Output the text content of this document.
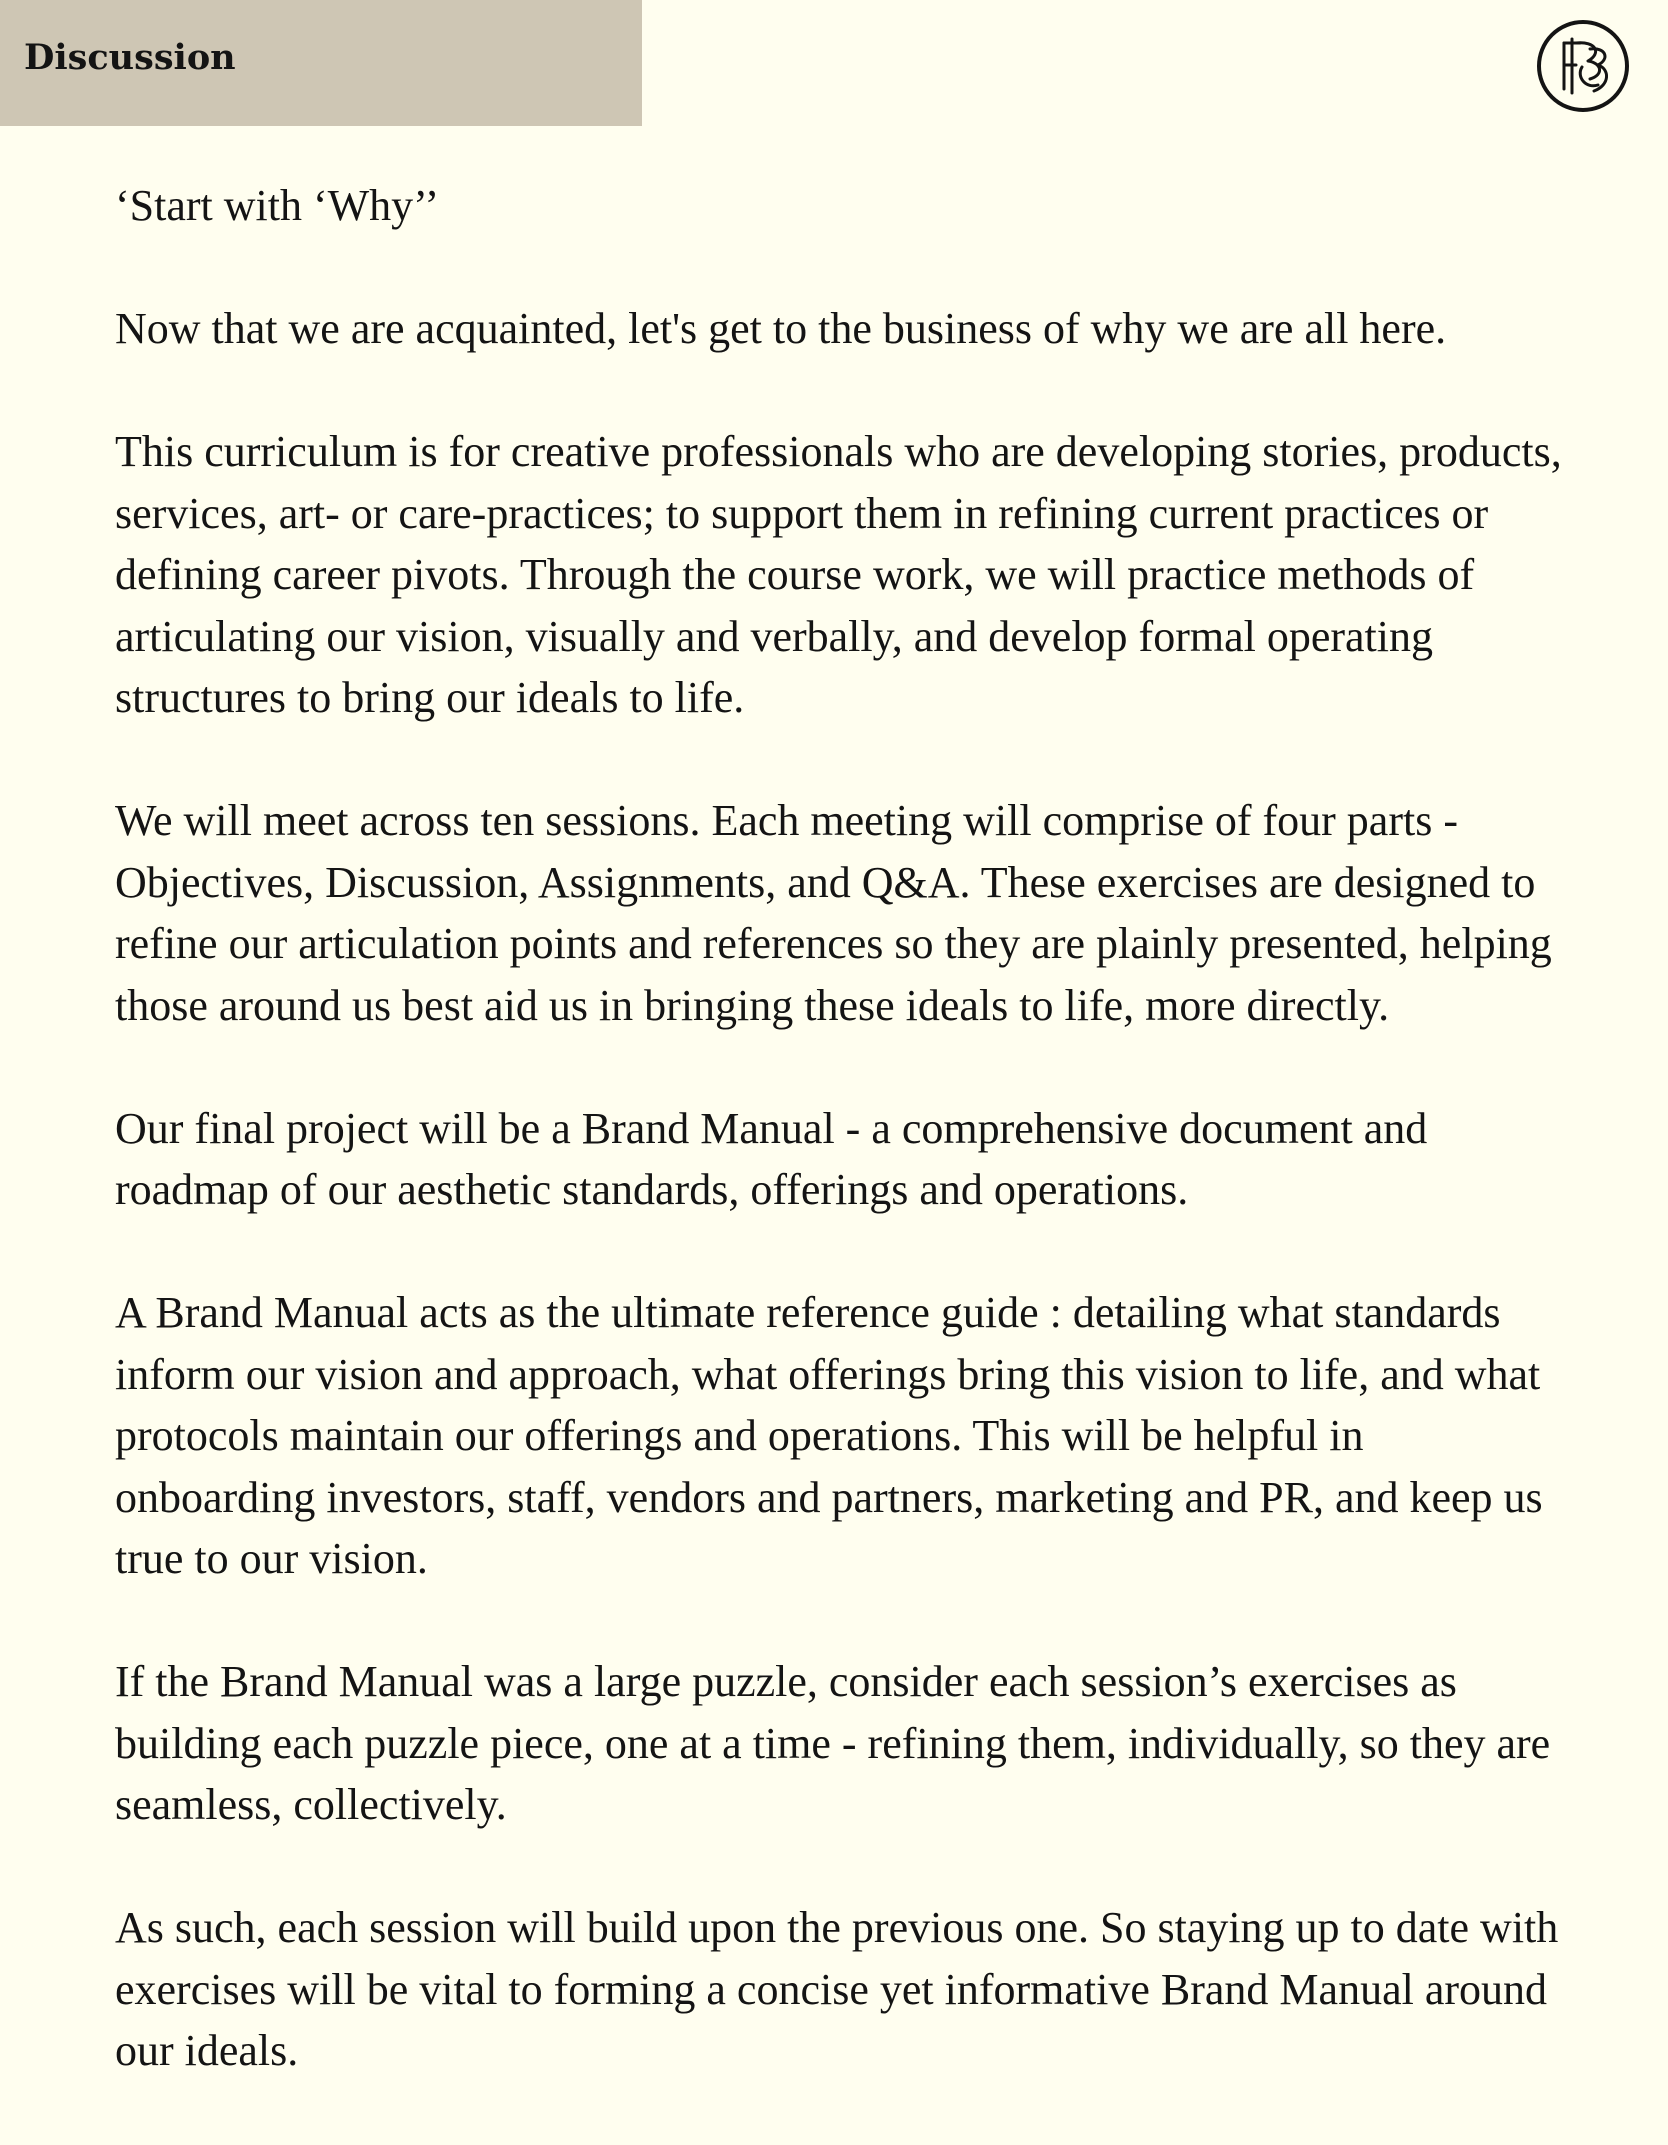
Discussion

‘Start with ‘Why’’

Now that we are acquainted, let's get to the business of why we are all here.

This curriculum is for creative professionals who are developing stories, products, services, art- or care-practices; to support them in refining current practices or defining career pivots. Through the course work, we will practice methods of articulating our vision, visually and verbally, and develop formal operating structures to bring our ideals to life.

We will meet across ten sessions. Each meeting will comprise of four parts - Objectives, Discussion, Assignments, and Q&A. These exercises are designed to refine our articulation points and references so they are plainly presented, helping those around us best aid us in bringing these ideals to life, more directly.

Our final project will be a Brand Manual - a comprehensive document and roadmap of our aesthetic standards, offerings and operations.

A Brand Manual acts as the ultimate reference guide : detailing what standards inform our vision and approach, what offerings bring this vision to life, and what protocols maintain our offerings and operations. This will be helpful in onboarding investors, staff, vendors and partners, marketing and PR, and keep us true to our vision.

If the Brand Manual was a large puzzle, consider each session’s exercises as building each puzzle piece, one at a time - refining them, individually, so they are seamless, collectively.

As such, each session will build upon the previous one. So staying up to date with exercises will be vital to forming a concise yet informative Brand Manual around our ideals.
